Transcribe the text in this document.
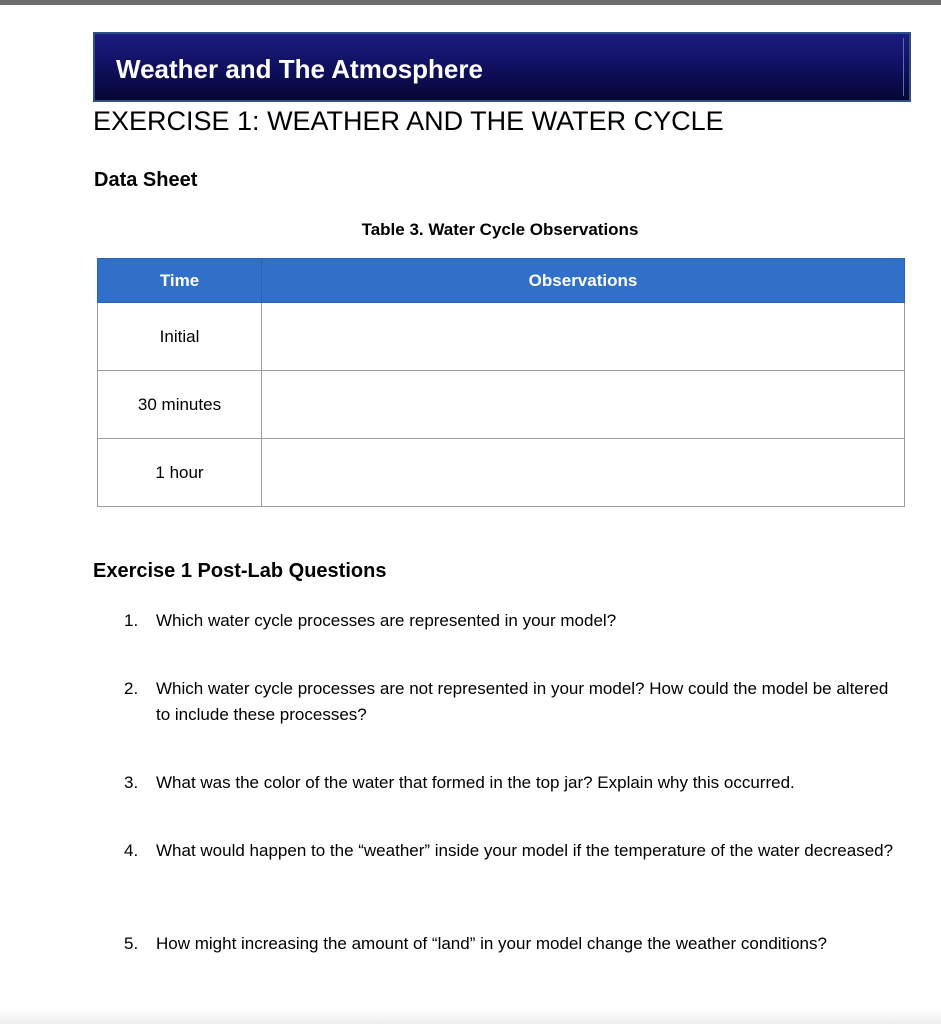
Weather and The Atmosphere
EXERCISE 1: WEATHER AND THE WATER CYCLE
Data Sheet
Table 3. Water Cycle Observations
Time	Observations
Initial	
30 minutes	
1 hour	
Exercise 1 Post-Lab Questions
1. Which water cycle processes are represented in your model?
2. Which water cycle processes are not represented in your model? How could the model be altered to include these processes?
3. What was the color of the water that formed in the top jar? Explain why this occurred.
4. What would happen to the “weather” inside your model if the temperature of the water decreased?
5. How might increasing the amount of “land” in your model change the weather conditions?
